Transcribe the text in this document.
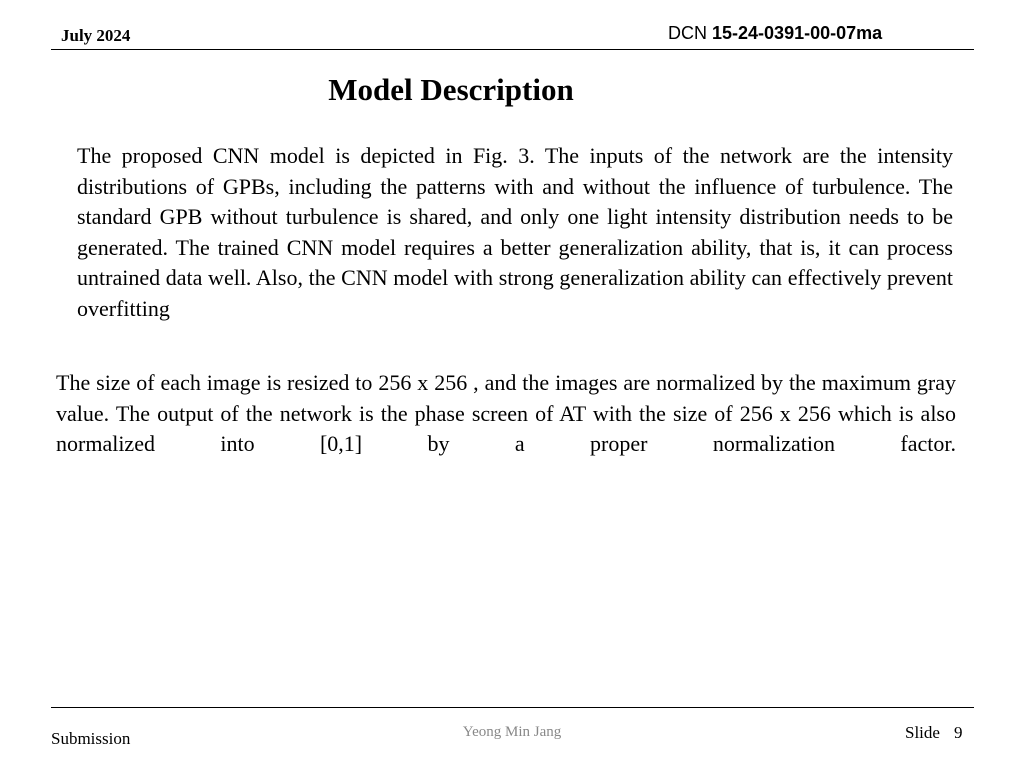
July 2024	DCN 15-24-0391-00-07ma
Model Description
The proposed CNN model is depicted in Fig. 3. The inputs of the network are the intensity distributions of GPBs, including the patterns with and without the influence of turbulence. The standard GPB without turbulence is shared, and only one light intensity distribution needs to be generated. The trained CNN model requires a better generalization ability, that is, it can process untrained data well. Also, the CNN model with strong generalization ability can effectively prevent overfitting
The size of each image is resized to 256 x 256 , and the images are normalized by the maximum gray value. The output of the network is the phase screen of AT with the size of 256 x 256 which is also normalized into [0,1] by a proper normalization factor.
Submission	Yeong Min Jang	Slide 9
